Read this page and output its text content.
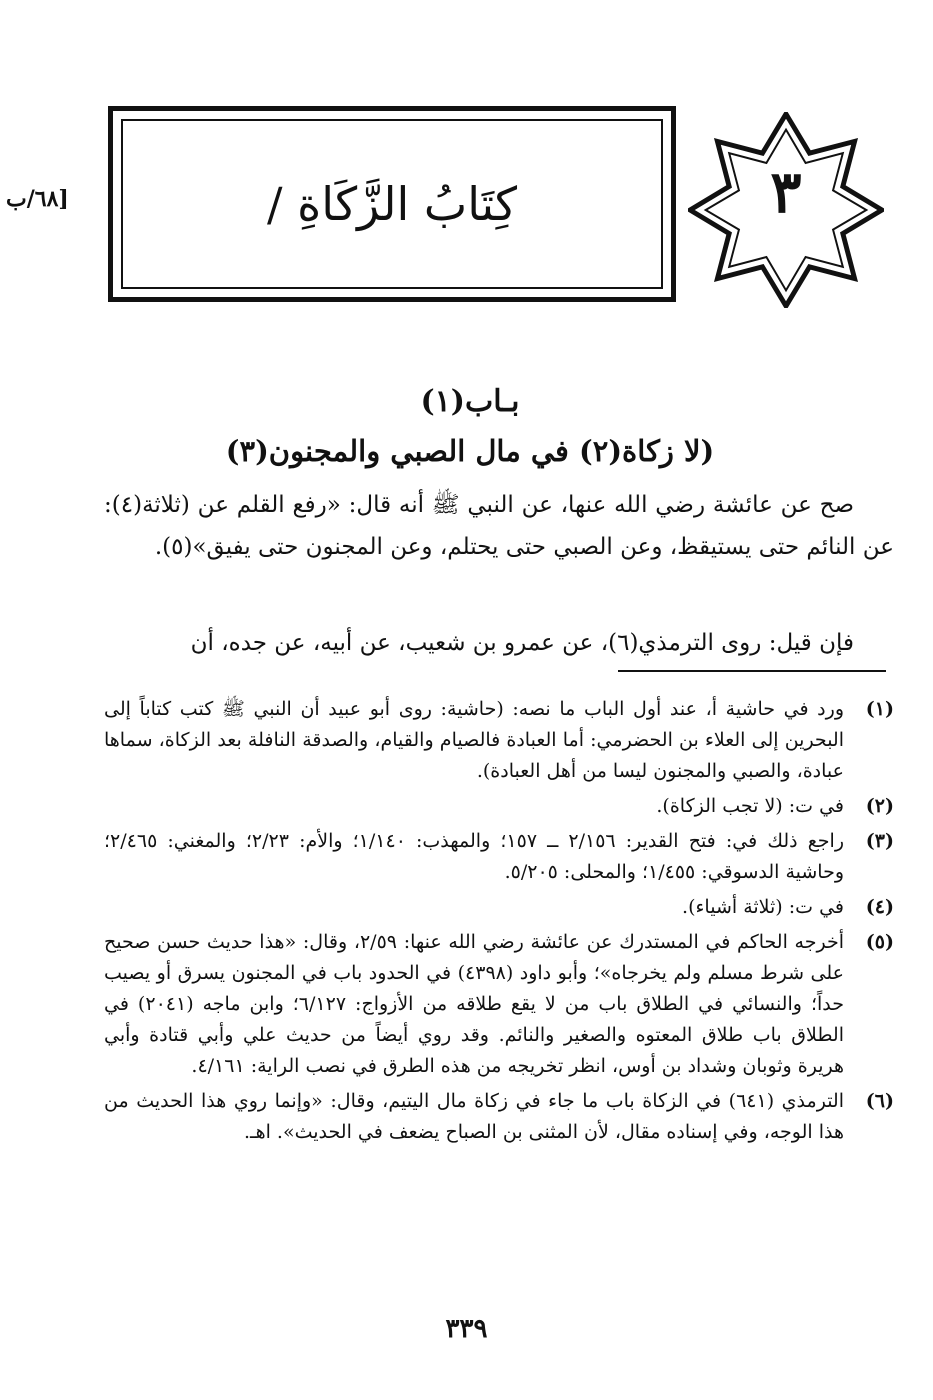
[٦٨/ب	كِتَابُ الزَّكَاةِ /	٣
بـاب(١)
(لا زكاة(٢) في مال الصبي والمجنون(٣)
صح عن عائشة رضي الله عنها، عن النبي ﷺ أنه قال: «رفع القلم عن (ثلاثة(٤): عن النائم حتى يستيقظ، وعن الصبي حتى يحتلم، وعن المجنون حتى يفيق»(٥).
فإن قيل: روى الترمذي(٦)، عن عمرو بن شعيب، عن أبيه، عن جده، أن
(١)
ورد في حاشية أ، عند أول الباب ما نصه: (حاشية: روى أبو عبيد أن النبي ﷺ كتب كتاباً إلى البحرين إلى العلاء بن الحضرمي: أما العبادة فالصيام والقيام، والصدقة النافلة بعد الزكاة، سماها عبادة، والصبي والمجنون ليسا من أهل العبادة).
(٢)
في ت: (لا تجب الزكاة).
(٣)
راجع ذلك في: فتح القدير: ٢/١٥٦ ــ ١٥٧؛ والمهذب: ١/١٤٠؛ والأم: ٢/٢٣؛ والمغني: ٢/٤٦٥؛ وحاشية الدسوقي: ١/٤٥٥؛ والمحلى: ٥/٢٠٥.
(٤)
في ت: (ثلاثة أشياء).
(٥)
أخرجه الحاكم في المستدرك عن عائشة رضي الله عنها: ٢/٥٩، وقال: «هذا حديث حسن صحيح على شرط مسلم ولم يخرجاه»؛ وأبو داود (٤٣٩٨) في الحدود باب في المجنون يسرق أو يصيب حداً؛ والنسائي في الطلاق باب من لا يقع طلاقه من الأزواج: ٦/١٢٧؛ وابن ماجه (٢٠٤١) في الطلاق باب طلاق المعتوه والصغير والنائم. وقد روي أيضاً من حديث علي وأبي قتادة وأبي هريرة وثوبان وشداد بن أوس، انظر تخريجه من هذه الطرق في نصب الراية: ٤/١٦١.
(٦)
الترمذي (٦٤١) في الزكاة باب ما جاء في زكاة مال اليتيم، وقال: «وإنما روي هذا الحديث من هذا الوجه، وفي إسناده مقال، لأن المثنى بن الصباح يضعف في الحديث». اهـ.
٣٣٩
